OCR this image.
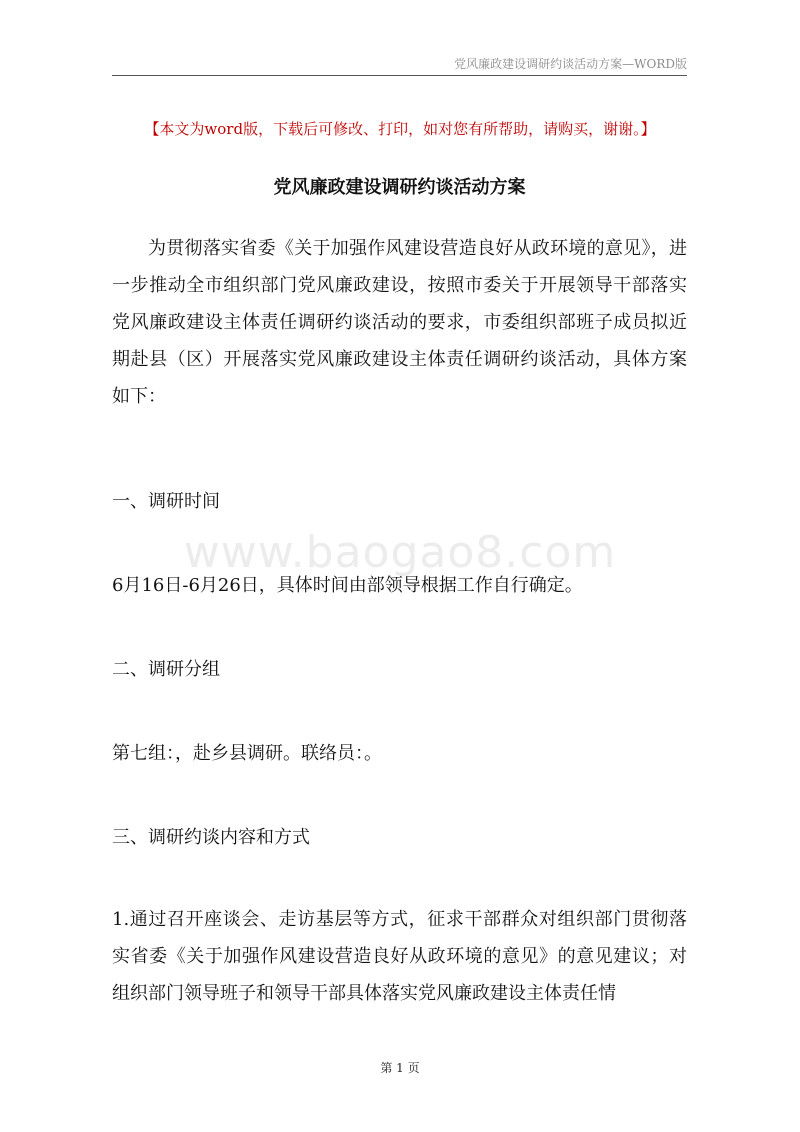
党风廉政建设调研约谈活动方案—WORD版
【本文为word版，下载后可修改、打印，如对您有所帮助，请购买，谢谢。】
党风廉政建设调研约谈活动方案
为贯彻落实省委《关于加强作风建设营造良好从政环境的意见》，进一步推动全市组织部门党风廉政建设，按照市委关于开展领导干部落实党风廉政建设主体责任调研约谈活动的要求，市委组织部班子成员拟近期赴县（区）开展落实党风廉政建设主体责任调研约谈活动，具体方案如下：
一、调研时间
www.baogao8.com
6月16日-6月26日，具体时间由部领导根据工作自行确定。
二、调研分组
第七组：，赴乡县调研。联络员：。
三、调研约谈内容和方式
1.通过召开座谈会、走访基层等方式，征求干部群众对组织部门贯彻落实省委《关于加强作风建设营造良好从政环境的意见》的意见建议；对组织部门领导班子和领导干部具体落实党风廉政建设主体责任情
第 1 页
